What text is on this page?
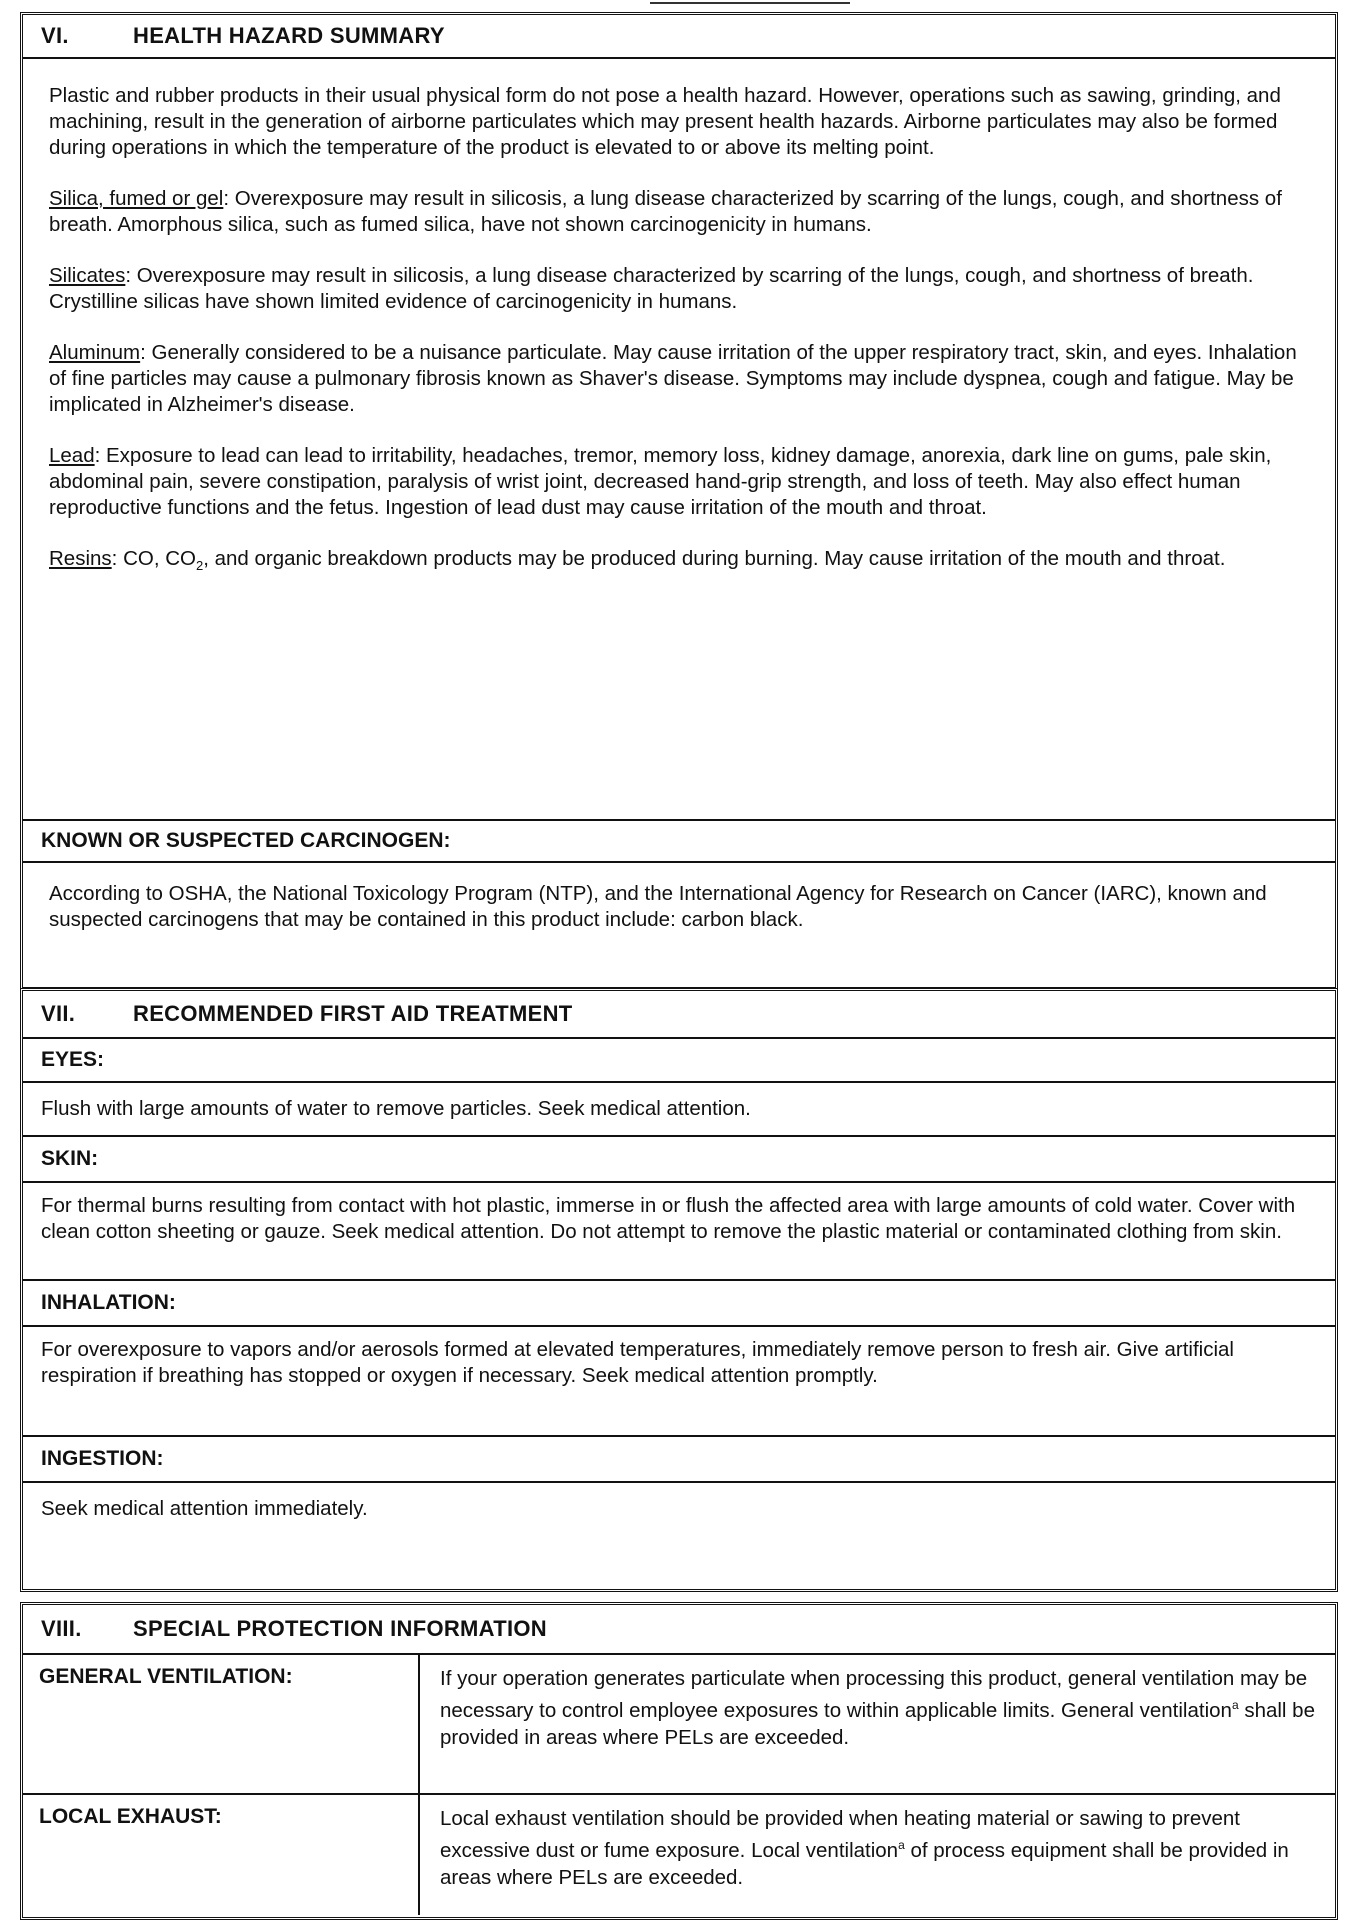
VI.	HEALTH HAZARD SUMMARY

Plastic and rubber products in their usual physical form do not pose a health hazard. However, operations such as sawing, grinding, and machining, result in the generation of airborne particulates which may present health hazards. Airborne particulates may also be formed during operations in which the temperature of the product is elevated to or above its melting point.

Silica, fumed or gel: Overexposure may result in silicosis, a lung disease characterized by scarring of the lungs, cough, and shortness of breath. Amorphous silica, such as fumed silica, have not shown carcinogenicity in humans.

Silicates: Overexposure may result in silicosis, a lung disease characterized by scarring of the lungs, cough, and shortness of breath. Crystilline silicas have shown limited evidence of carcinogenicity in humans.

Aluminum: Generally considered to be a nuisance particulate. May cause irritation of the upper respiratory tract, skin, and eyes. Inhalation of fine particles may cause a pulmonary fibrosis known as Shaver's disease. Symptoms may include dyspnea, cough and fatigue. May be implicated in Alzheimer's disease.

Lead: Exposure to lead can lead to irritability, headaches, tremor, memory loss, kidney damage, anorexia, dark line on gums, pale skin, abdominal pain, severe constipation, paralysis of wrist joint, decreased hand-grip strength, and loss of teeth. May also effect human reproductive functions and the fetus. Ingestion of lead dust may cause irritation of the mouth and throat.

Resins: CO, $CO_2$, and organic breakdown products may be produced during burning. May cause irritation of the mouth and throat.

KNOWN OR SUSPECTED CARCINOGEN:
According to OSHA, the National Toxicology Program (NTP), and the International Agency for Research on Cancer (IARC), known and suspected carcinogens that may be contained in this product include: carbon black.
VII.	RECOMMENDED FIRST AID TREATMENT
EYES:
Flush with large amounts of water to remove particles. Seek medical attention.
SKIN:
For thermal burns resulting from contact with hot plastic, immerse in or flush the affected area with large amounts of cold water. Cover with clean cotton sheeting or gauze. Seek medical attention. Do not attempt to remove the plastic material or contaminated clothing from skin.
INHALATION:
For overexposure to vapors and/or aerosols formed at elevated temperatures, immediately remove person to fresh air. Give artificial respiration if breathing has stopped or oxygen if necessary. Seek medical attention promptly.
INGESTION:
Seek medical attention immediately.
VIII.	SPECIAL PROTECTION INFORMATION
GENERAL VENTILATION:	If your operation generates particulate when processing this product, general ventilation may be necessary to control employee exposures to within applicable limits. General ventilation$^a$ shall be provided in areas where PELs are exceeded.
LOCAL EXHAUST:	Local exhaust ventilation should be provided when heating material or sawing to prevent excessive dust or fume exposure. Local ventilation$^a$ of process equipment shall be provided in areas where PELs are exceeded.
